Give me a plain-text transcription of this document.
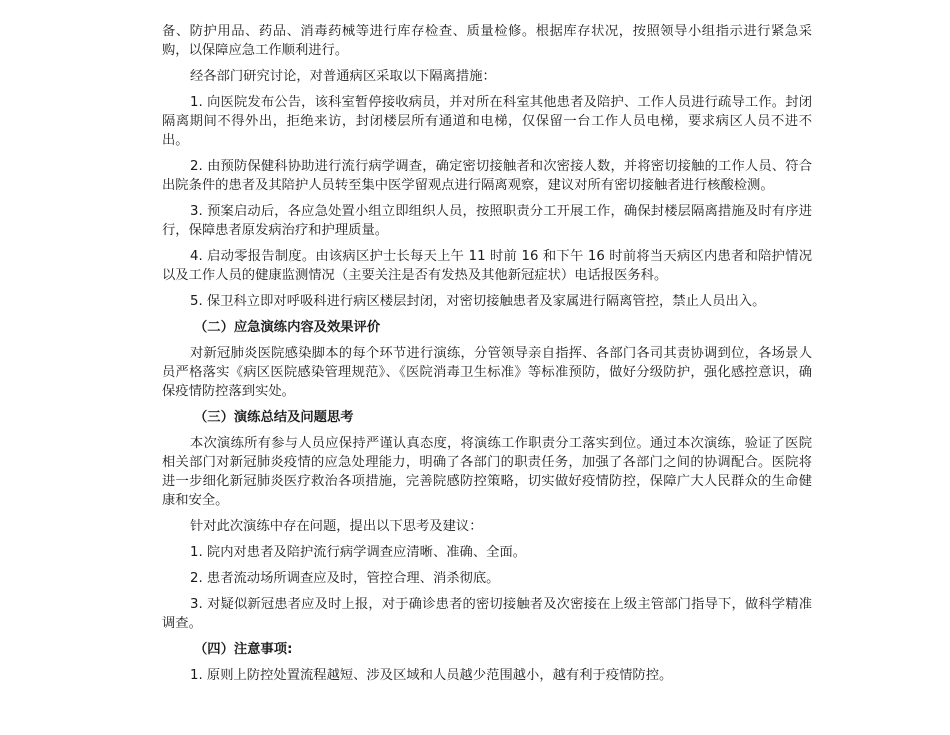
备、防护用品、药品、消毒药械等进行库存检查、质量检修。根据库存状况，按照领导小组指示进行紧急采购，以保障应急工作顺利进行。

经各部门研究讨论，对普通病区采取以下隔离措施：

1. 向医院发布公告，该科室暂停接收病员，并对所在科室其他患者及陪护、工作人员进行疏导工作。封闭隔离期间不得外出，拒绝来访，封闭楼层所有通道和电梯，仅保留一台工作人员电梯，要求病区人员不进不出。

2. 由预防保健科协助进行流行病学调查，确定密切接触者和次密接人数，并将密切接触的工作人员、符合出院条件的患者及其陪护人员转至集中医学留观点进行隔离观察，建议对所有密切接触者进行核酸检测。

3. 预案启动后，各应急处置小组立即组织人员，按照职责分工开展工作，确保封楼层隔离措施及时有序进行，保障患者原发病治疗和护理质量。

4. 启动零报告制度。由该病区护士长每天上午 11 时前 16 和下午 16 时前将当天病区内患者和陪护情况以及工作人员的健康监测情况（主要关注是否有发热及其他新冠症状）电话报医务科。

5. 保卫科立即对呼吸科进行病区楼层封闭，对密切接触患者及家属进行隔离管控，禁止人员出入。

（二）应急演练内容及效果评价

对新冠肺炎医院感染脚本的每个环节进行演练，分管领导亲自指挥、各部门各司其责协调到位，各场景人员严格落实《病区医院感染管理规范》、《医院消毒卫生标准》等标准预防，做好分级防护，强化感控意识，确保疫情防控落到实处。

（三）演练总结及问题思考

本次演练所有参与人员应保持严谨认真态度，将演练工作职责分工落实到位。通过本次演练，验证了医院相关部门对新冠肺炎疫情的应急处理能力，明确了各部门的职责任务，加强了各部门之间的协调配合。医院将进一步细化新冠肺炎医疗救治各项措施，完善院感防控策略，切实做好疫情防控，保障广大人民群众的生命健康和安全。

针对此次演练中存在问题，提出以下思考及建议：

1. 院内对患者及陪护流行病学调查应清晰、准确、全面。

2. 患者流动场所调查应及时，管控合理、消杀彻底。

3. 对疑似新冠患者应及时上报，对于确诊患者的密切接触者及次密接在上级主管部门指导下，做科学精准调查。

（四）注意事项:

1. 原则上防控处置流程越短、涉及区域和人员越少范围越小，越有利于疫情防控。
